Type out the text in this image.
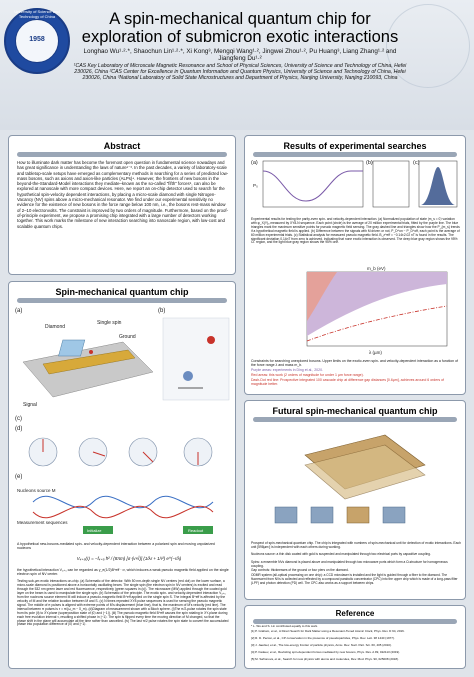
University of Science and Technology of China
1958
A spin-mechanical quantum chip for exploration of submicron exotic interactions
Longhao Wu¹·²·*, Shaochun Lin¹·²·*, Xi Kong³, Mengqi Wang¹·², Jingwei Zhou¹·², Pu Huang³, Liang Zhang¹·² and Jiangfeng Du¹·²
¹CAS Key Laboratory of Microscale Magnetic Resonance and School of Physical Sciences, University of Science and Technology of China, Hefei 230026, China ²CAS Center for Excellence in Quantum Information and Quantum Physics, University of Science and Technology of China, Hefei 230026, China ³National Laboratory of Solid State Microstructures and Department of Physics, Nanjing University, Nanjing 210093, China
Abstract
How to illuminate dark matter has become the foremost open question in fundamental science nowadays and has great significance in understanding the laws of nature¹⁻³. In the past decades, a variety of laboratory-scale and tabletop-scale setups have emerged as complementary methods in searching for a series of predicted low-mass bosons, such as axions and axion-like particles (ALPs)⁴. However, the frontiers of new bosons in the beyond-the-Standard-Model interactions they mediate–known as the so-called "fifth" forces⁵, can also be explored at nanoscale with more compact devices. Here, we report an on-chip detector used to search for the hypothetical spin-velocity dependent interactions, by placing a micro-scale diamond with single Nitrogen-Vacancy (NV) spins above a micro-mechanical resonator. We find under our experimental sensitivity no evidence for the existence of new bosons in the force range below 100 nm, i.e., the bosons rest-mass window of 2–10 electronvolts. The constraint is improved by two orders of magnitude. Furthermore, based on the proof-of-principle experiment, we propose a promising chip integrated with a large number of detectors working together. This work marks the milestone of new interaction searching into nanoscale region, with low-cost and scalable quantum chips.
Spin-mechanical quantum chip
(a)
Diamond
Single spin
Ground
Signal
(b)
(c)
(d)
(e)
Nucleons source M
Measurement sequences
Initialize	Readout
A hypothetical new-bosons-mediated spin- and velocity-dependent interaction between a polarized spin and moving unpolarized nucleons
V₄₊₅(r) = −f₄₊₅ ħ² / (8πm) [σ·(v×r̂)] (1/λr + 1/r²) e^(−r/λ)
the hypothetical interaction V₄₊₅ can be regarded as γ_e(1/2)B^eff · σ, which induces a weak pseudo magnetic field applied on the single electron spin of NV center.
Testing sub-µm exotic interactions on-chip. (a) Schematic of the detector. With 50 nm-depth single NV centers (red dot) on the lower surface, a micro-scale diamond is positioned above a horizontally oscillating beam. The single spin (the electron spin in NV centers) is excited and read through the 532 nm green laser and red fluorescence, respectively (green squares in (c)). The microwave (MW) applied through the coated gold layer on the beam is used to manipulate the single spin. (b) Schematic of the principle. The exotic spin- and velocity-dependent interaction V₄₊₅ from the nucleons source element M will induce a pseudo-magnetic field B^eff applied on the single spin S. The integral B^eff is affected by the velocity of M and the relative location between M and S. (c) N times repeated XY8 pulse sequences is used for sensing the pseudo magnetic signal. The middle of π pulses is aligned with extreme points of M's displacement (blue line), that is, the maximum of M's velocity (red line). The interval between π pulses is τ = π/(ω_m − δ_m). (d)Diagram of measurement shown with a Bloch sphere. (i)The π/2-pulse rotates the spin state from its pole (ii) to XY-plane (superposition state of |0⟩ and |−1⟩). (iii) The pseudo magnetic field B^eff causes the spin rotating in XY-plane during each free evolution interval τ, resulting a shifted phase in |−1⟩. The spin is flipped every time the moving direction of M changed, so that the phase shift in the plane will accumulate all the time rather than cancelled. (iv) The last π/2 pulse rotates the spin state to convert the accumulated phase into population difference of |0⟩ and |−1⟩.
Results of experimental searches
(a)
P₀
(b)	(c)
Experimental results for testing the parity-even spin- and velocity-dependent interaction. (a) Normalized population of state |m_s = 0⟩ variation with φ_X(Y)₈ measured by XY8-N sequence. Each point (circle) is the average of 20 million experimental trials, fitted by the purple line. The blue triangles mark the maximum sensitive points for pseudo magnetic field sensing. The gray dashed line and triangles show how the P_{m_s} trends if a hypothetical magnetic field is applied. (b) Difference between the signals with M driven or not, P_D^on − P_D^off, each point is the average of 60 million experimental trials. (c) Statistical analysis for measured pseudo magnetic field. B_z^eff = −0.14±2.02 nT is found in the results. The significant deviation 0.14nT from zero is achieved, indicating that none exotic interaction is observed. The deep blue gray region shows the 95% CI. region, and the light blue gray region shows the 95% one.
m_b (eV)
λ (µm)
Constraints for searching unexplored bosons. Upper limits on the exotic-even spin- and velocity-dependent interaction as a function of the force range λ and mass m_b.
Purple areas: experiments in Ding et al., 2020.
Red areas: this work (2 orders of magnitude for under 1 µm force range).
Dash-Dot red line: Prospective integrated 100 cascade chip at difference gap distances [0.6µm], achieves around 6 orders of magnitude better.
Futural spin-mechanical quantum chip
Prospect of spin-mechanical quantum chip. The chip is integrated with numbers of spin-mechanical unit for detection of exotic interactions. Each unit [598µm²] is independent with each others during working.
Nucleons source: a thin disk coated with gold is suspended and manipulated through two electrical ports by capacitive coupling.
Spins: a ensemble NVs diamond is placed above and manipulated through two microwave ports which form a Ω-structure for homogeneous coupling.
Gap controls: thicknesses of the ground or four piers on the diamond.
ODMR system (all-optical processing on one chip): a CCD microlaser is installed and the light is guided through a fiber to the diamond. The fluorescent from NVs is collected and reflected by a compound parabolic concentrator (CPC) into the upper chip which is made of a long-pass filter (LPF) and photon detection (PD) cell. The CPC also works as a support between chips.
Reference
* L. Wu and S. Lin contributed equally to this work.
[1] P. Graham, et al., A Direct Search for Dark Matter using a Resonant-Tuned Atomic Clock, Phys. Rev. D 94, 2016.
[2] R. D. Peccei, et al., CP conservation in the presence of pseudoparticles, Phys. Rev. Lett. 38 1440 (1977).
[3] J. Jaeckel, et al., The low-energy frontier of particle physics, Annu. Rev. Nucl. Part. Sci. 60, 405 (2010).
[4] P. Fadeev, et al., Revisiting spin-dependent forces mediated by new bosons, Phys. Rev. A 99, 022113 (2019).
[5] M. Safronova, et al., Search for new physics with atoms and molecules, Rev. Mod. Phys. 90, 025008 (2018).
